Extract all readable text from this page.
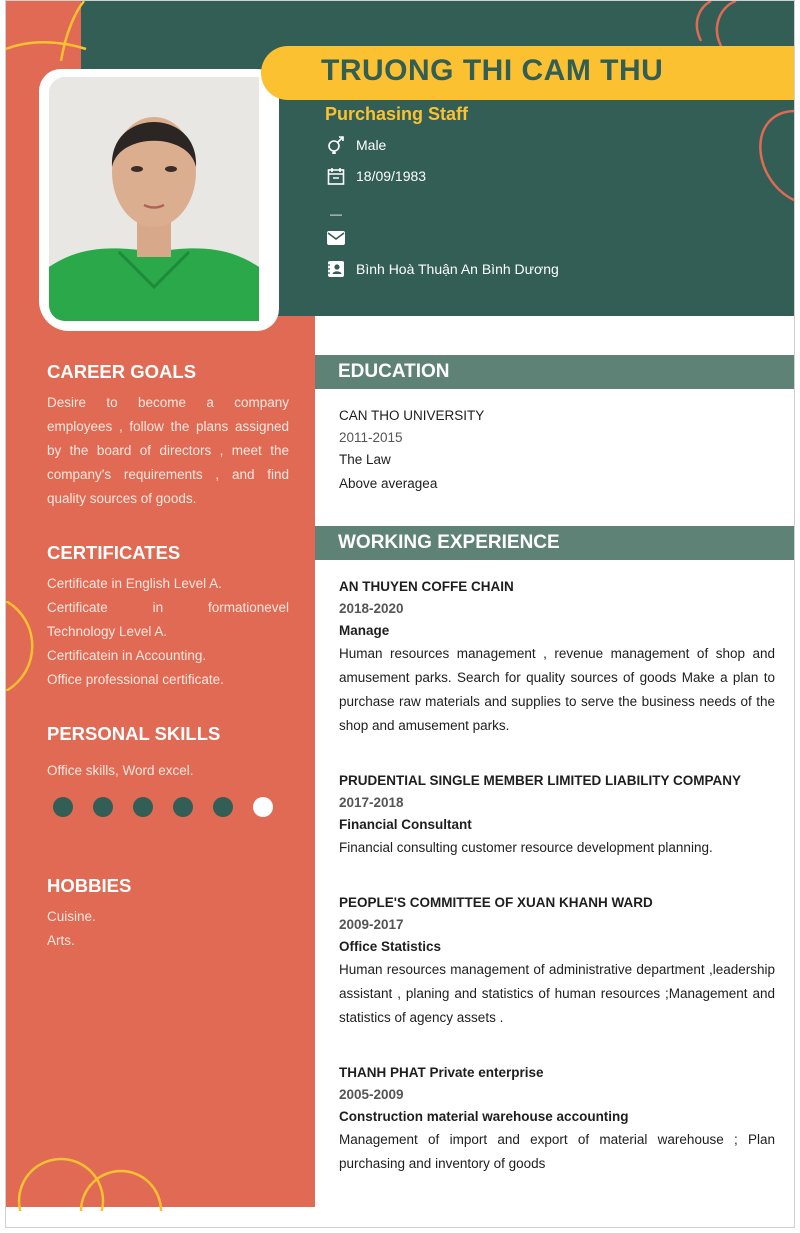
TRUONG THI CAM THU
Purchasing Staff
Male
18/09/1983
—
Bình Hoà Thuận An Bình Dương
CAREER GOALS
Desire to become a company employees , follow the plans assigned by the board of directors , meet the company's requirements , and find quality sources of goods.
CERTIFICATES
Certificate in English Level A.
Certificate	in	formationevel
Technology Level A.
Certificatein in Accounting.
Office professional certificate.
PERSONAL SKILLS
Office skills, Word excel.
HOBBIES
Cuisine.
Arts.
EDUCATION
CAN THO UNIVERSITY
2011-2015
The Law
Above averagea
WORKING EXPERIENCE
AN THUYEN COFFE CHAIN
2018-2020
Manage
Human resources management , revenue management of shop and amusement parks. Search for quality sources of goods Make a plan to purchase raw materials and supplies to serve the business needs of the shop and amusement parks.
PRUDENTIAL SINGLE MEMBER LIMITED LIABILITY COMPANY
2017-2018
Financial Consultant
Financial consulting customer resource development planning.
PEOPLE'S COMMITTEE OF XUAN KHANH WARD
2009-2017
Office Statistics
Human resources management of administrative department ,leadership assistant , planing and statistics of human resources ;Management and statistics of agency assets .
THANH PHAT Private enterprise
2005-2009
Construction material warehouse accounting
Management of import and export of material warehouse ; Plan purchasing and inventory of goods
